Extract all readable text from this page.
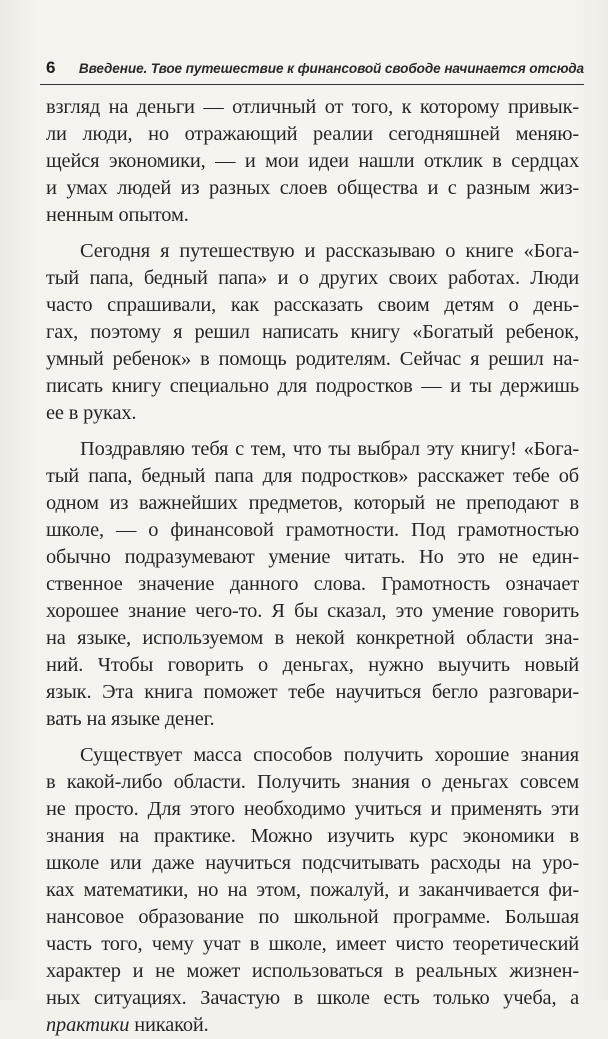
6	Введение. Твое путешествие к финансовой свободе начинается отсюда

взгляд на деньги — отличный от того, к которому привык-
ли люди, но отражающий реалии сегодняшней меняю-
щейся экономики, — и мои идеи нашли отклик в сердцах
и умах людей из разных слоев общества и с разным жиз-
ненным опытом.

Сегодня я путешествую и рассказываю о книге «Бога-
тый папа, бедный папа» и о других своих работах. Люди
часто спрашивали, как рассказать своим детям о день-
гах, поэтому я решил написать книгу «Богатый ребенок,
умный ребенок» в помощь родителям. Сейчас я решил на-
писать книгу специально для подростков — и ты держишь
ее в руках.

Поздравляю тебя с тем, что ты выбрал эту книгу! «Бога-
тый папа, бедный папа для подростков» расскажет тебе об
одном из важнейших предметов, который не преподают в
школе, — о финансовой грамотности. Под грамотностью
обычно подразумевают умение читать. Но это не един-
ственное значение данного слова. Грамотность означает
хорошее знание чего-то. Я бы сказал, это умение говорить
на языке, используемом в некой конкретной области зна-
ний. Чтобы говорить о деньгах, нужно выучить новый
язык. Эта книга поможет тебе научиться бегло разговари-
вать на языке денег.

Существует масса способов получить хорошие знания
в какой-либо области. Получить знания о деньгах совсем
не просто. Для этого необходимо учиться и применять эти
знания на практике. Можно изучить курс экономики в
школе или даже научиться подсчитывать расходы на уро-
ках математики, но на этом, пожалуй, и заканчивается фи-
нансовое образование по школьной программе. Большая
часть того, чему учат в школе, имеет чисто теоретический
характер и не может использоваться в реальных жизнен-
ных ситуациях. Зачастую в школе есть только учеба, а
практики никакой.
